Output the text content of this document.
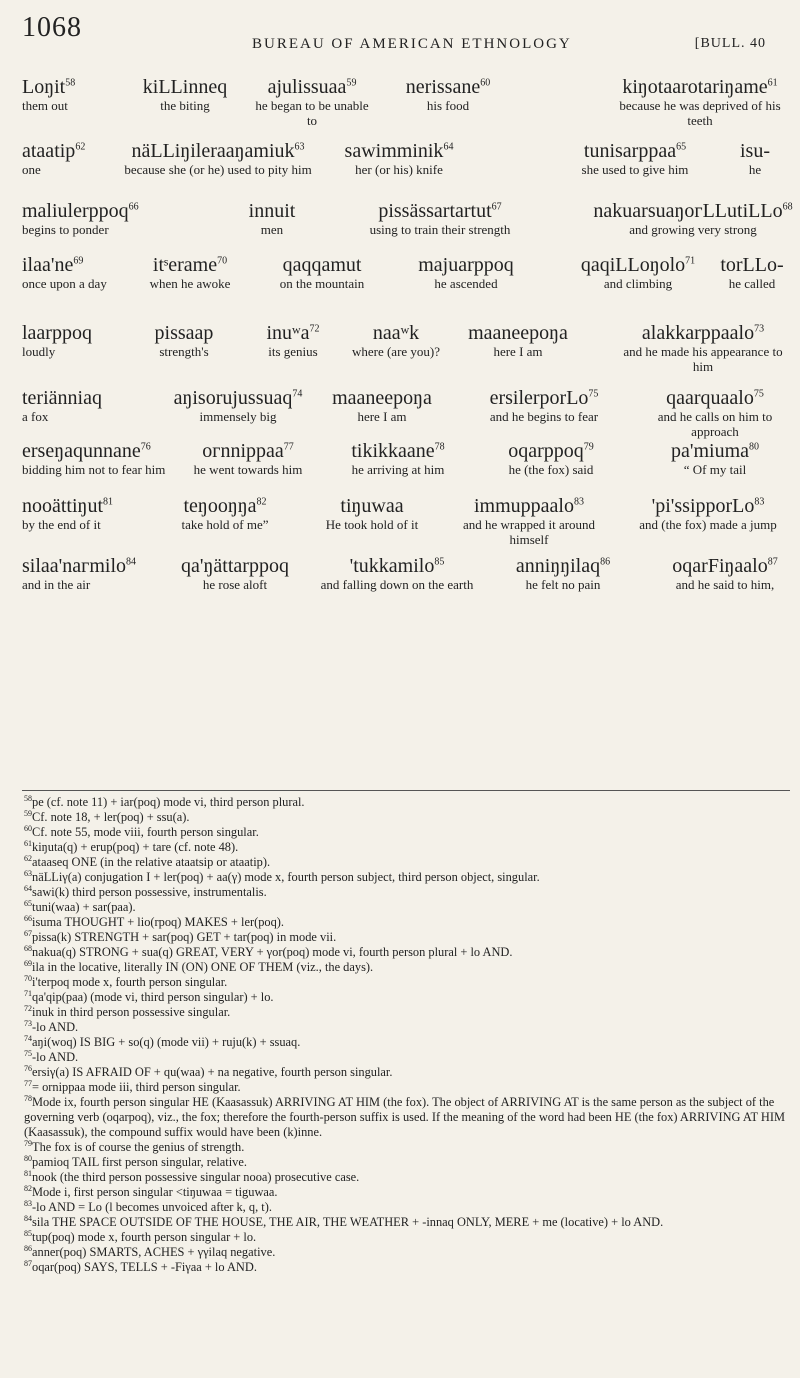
1068
BUREAU OF AMERICAN ETHNOLOGY	[BULL. 40
Loŋit$^{58}$
them out
kiLLinneq
the biting
ajulissuaa$^{59}$
he began to be unable to
nerissane$^{60}$
his food
kiŋotaarotariŋame$^{61}$
because he was deprived of his teeth
ataatip$^{62}$
one
näLLiŋileraaŋamiuk$^{63}$
because she (or he) used to pity him
sawimminik$^{64}$
her (or his) knife
tunisarppaa$^{65}$
she used to give him
isu-
he
maliulerppoq$^{66}$
begins to ponder
innuit
men
pissässartartut$^{67}$
using to train their strength
nakuarsuaŋoгLLutiLLo$^{68}$
and growing very strong
$ilaa'ne^{69}$
once upon a day
itˢerame$^{70}$
when he awoke
qaqqamut
on the mountain
majuarppoq
he ascended
qaqiLLoŋolo$^{71}$
and climbing
torLLo-
he called
laarppoq
loudly
pissaap
strength's
inuʷa$^{72}$
its genius
naaʷk
where (are you)?
maaneepoŋa
here I am
alakkarppaalo$^{73}$
and he made his appearance to him
teriänniaq
a fox
aŋisorujussuaq$^{74}$
immensely big
maaneepoŋa
here I am
ersilerporLo$^{75}$
and he begins to fear
qaarquaalo$^{75}$
and he calls on him to approach
erseŋaqunnane$^{76}$
bidding him not to fear him
oгnnippaa$^{77}$
he went towards him
tikikkaane$^{78}$
he arriving at him
oqarppoq$^{79}$
he (the fox) said
pa'miuma$^{80}$
“ Of my tail
nooättiŋut$^{81}$
by the end of it
teŋooŋŋa$^{82}$
take hold of me”
tiŋuwaa
He took hold of it
immuppaalo$^{83}$
and he wrapped it around himself
'pi'ssipporLo$^{83}$
and (the fox) made a jump
silaa'naгmilo$^{84}$
and in the air
qa'ŋättarppoq
he rose aloft
'tukkamilo$^{85}$
and falling down on the earth
anniŋŋilaq$^{86}$
he felt no pain
oqarFiŋaalo$^{87}$
and he said to him,

$^{58}$pe (cf. note 11) + iar(poq) mode vi, third person plural.

$^{59}$Cf. note 18, + ler(poq) + ssu(a).

$^{60}$Cf. note 55, mode viii, fourth person singular.

$^{61}$kiŋuta(q) + erup(poq) + tare (cf. note 48).

$^{62}$ataaseq ONE (in the relative ataatsip or ataatip).

$^{63}$näLLiγ(a) conjugation I + ler(poq) + aa(γ) mode x, fourth person subject, third person object, singular.

$^{64}$sawi(k) third person possessive, instrumentalis.

$^{65}$tuni(waa) + sar(paa).

$^{66}$isuma THOUGHT + lio(rpoq) MAKES + ler(poq).

$^{67}$pissa(k) STRENGTH + sar(poq) GET + tar(poq) in mode vii.

$^{68}$nakua(q) STRONG + sua(q) GREAT, VERY + γor(poq) mode vi, fourth person plural + lo AND.

$^{69}$ila in the locative, literally IN (ON) ONE OF THEM (viz., the days).

$^{70}$i'terpoq mode x, fourth person singular.

$^{71}$qa'qip(paa) (mode vi, third person singular) + lo.

$^{72}$inuk in third person possessive singular.

$^{73}$-lo AND.

$^{74}$aŋi(woq) IS BIG + so(q) (mode vii) + ruju(k) + ssuaq.

$^{75}$-lo AND.

$^{76}$ersiγ(a) IS AFRAID OF + qu(waa) + na negative, fourth person singular.

$^{77}$= ornippaa mode iii, third person singular.

$^{78}$Mode ix, fourth person singular HE (Kaasassuk) ARRIVING AT HIM (the fox). The object of ARRIVING AT is the same person as the subject of the governing verb (oqarpoq), viz., the fox; therefore the fourth-person suffix is used. If the meaning of the word had been HE (the fox) ARRIVING AT HIM (Kaasassuk), the compound suffix would have been (k)inne.

$^{79}$The fox is of course the genius of strength.

$^{80}$pamioq TAIL first person singular, relative.

$^{81}$nook (the third person possessive singular nooa) prosecutive case.

$^{82}$Mode i, first person singular <tiŋuwaa = tiguwaa.

$^{83}$-lo AND = Lo (l becomes unvoiced after k, q, t).

$^{84}$sila THE SPACE OUTSIDE OF THE HOUSE, THE AIR, THE WEATHER + -innaq ONLY, MERE + me (locative) + lo AND.

$^{85}$tup(poq) mode x, fourth person singular + lo.

$^{86}$anner(poq) SMARTS, ACHES + γγilaq negative.

$^{87}$oqar(poq) SAYS, TELLS + -Fiγaa + lo AND.
